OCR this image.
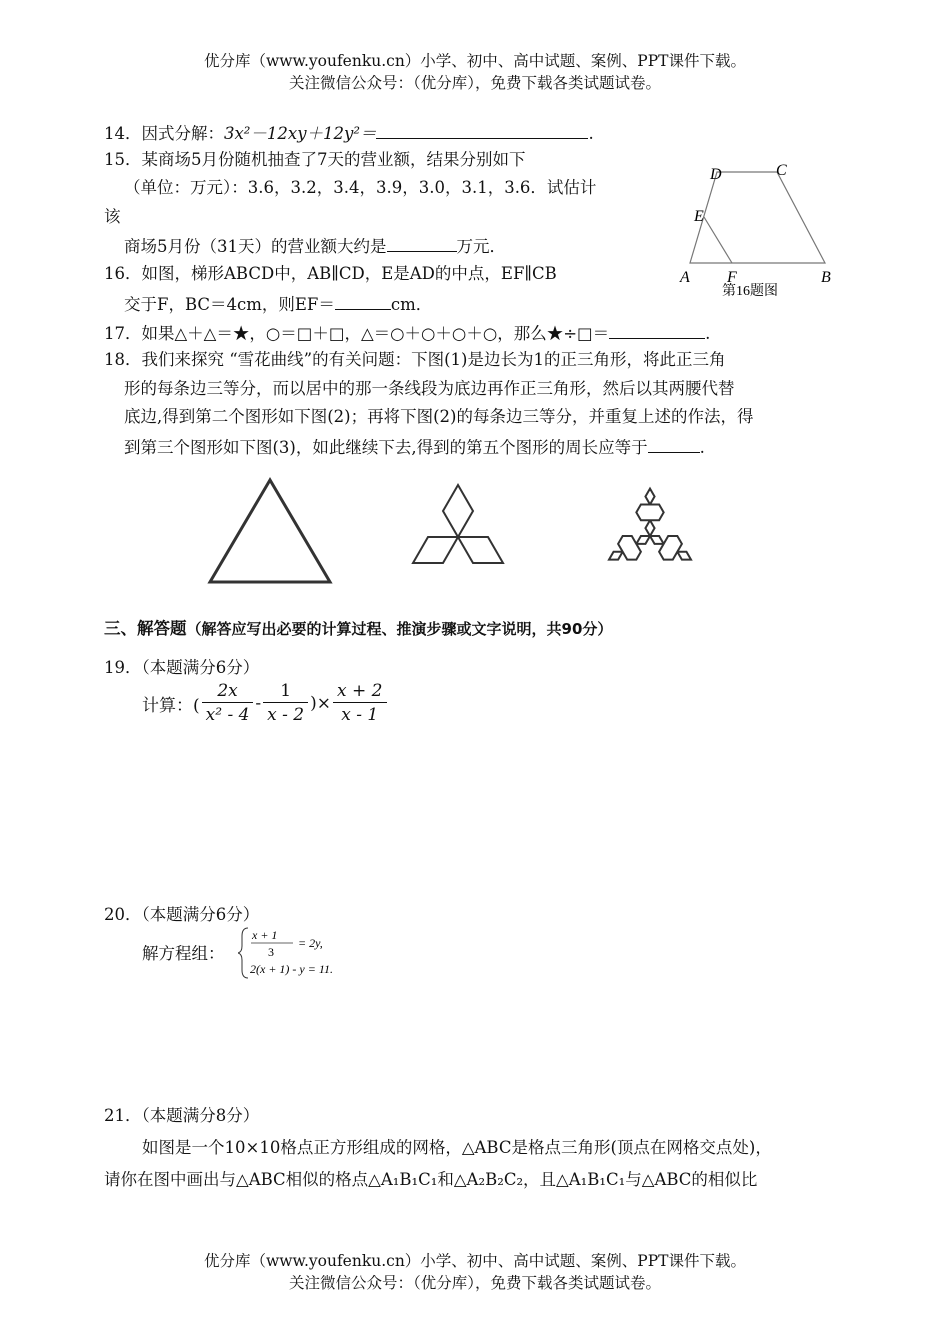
优分库（www.youfenku.cn）小学、初中、高中试题、案例、PPT课件下载。
关注微信公众号：（优分库），免费下载各类试题试卷。
14．因式分解：3x²－12xy＋12y²＝	.
15．某商场5月份随机抽查了7天的营业额，结果分别如下
（单位：万元）：3.6，3.2，3.4，3.9，3.0，3.1，3.6．试估计
该
商场5月份（31天）的营业额大约是	万元．
16．如图，梯形ABCD中，AB∥CD，E是AD的中点，EF∥CB
交于F，BC＝4cm，则EF＝	cm．
D	C
E
A F	B
第16题图
17．如果△＋△＝★，○＝□＋□，△＝○＋○＋○＋○，那么★÷□＝	.
18．我们来探究 “雪花曲线”的有关问题：下图(1)是边长为1的正三角形，将此正三角
形的每条边三等分，而以居中的那一条线段为底边再作正三角形，然后以其两腰代替
底边,得到第二个图形如下图(2)；再将下图(2)的每条边三等分，并重复上述的作法，得
到第三个图形如下图(3)，如此继续下去,得到的第五个图形的周长应等于	.
三、解答题（解答应写出必要的计算过程、推演步骤或文字说明，共90分）
19．（本题满分6分）
计算：( $\frac{2x}{\text{x² - 4}} - \frac{1}{x - 2}$ )× $\frac{x + 2}{x - 1}$
20．（本题满分6分）
解方程组：
x + 1
3
= 2y,
2(x + 1) - y = 11.
21．（本题满分8分）
如图是一个10×10格点正方形组成的网格，△ABC是格点三角形(顶点在网格交点处)，
请你在图中画出与△ABC相似的格点△A₁B₁C₁和△A₂B₂C₂，且△A₁B₁C₁与△ABC的相似比
优分库（www.youfenku.cn）小学、初中、高中试题、案例、PPT课件下载。
关注微信公众号：（优分库），免费下载各类试题试卷。
